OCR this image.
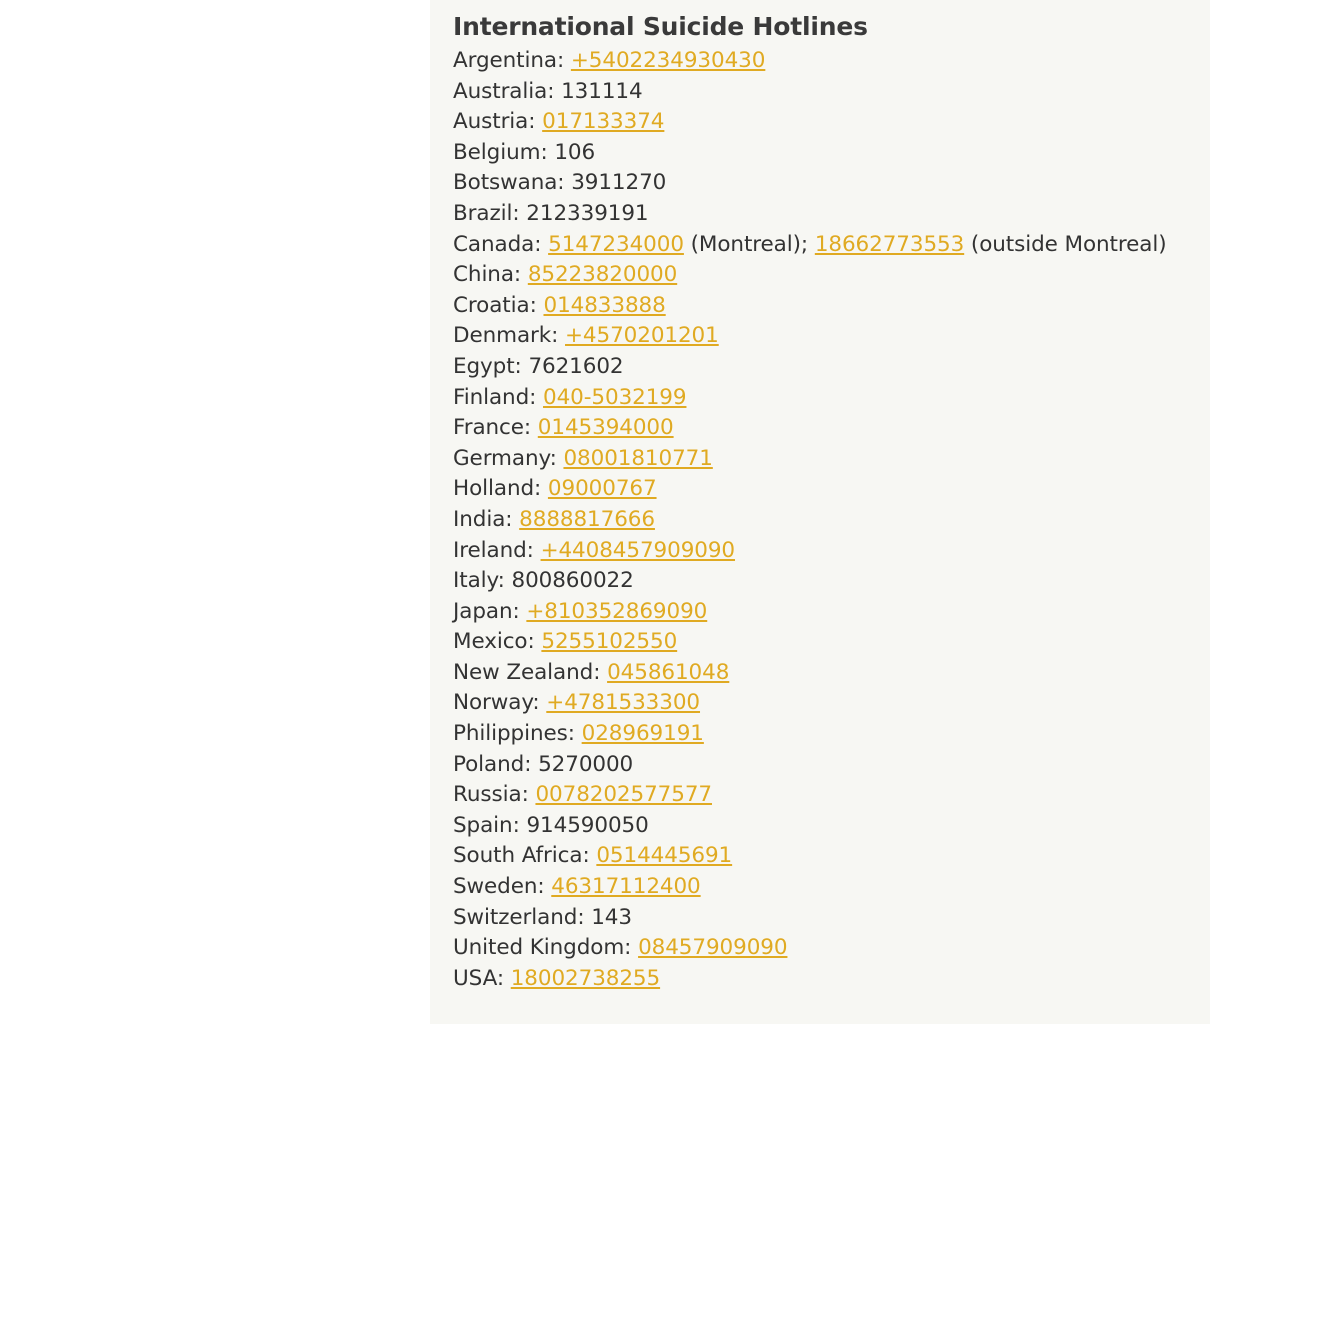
International Suicide Hotlines
Argentina: +5402234930430
Australia: 131114
Austria: 017133374
Belgium: 106
Botswana: 3911270
Brazil: 212339191
Canada: 5147234000 (Montreal); 18662773553 (outside Montreal)
China: 85223820000
Croatia: 014833888
Denmark: +4570201201
Egypt: 7621602
Finland: 040-5032199
France: 0145394000
Germany: 08001810771
Holland: 09000767
India: 8888817666
Ireland: +4408457909090
Italy: 800860022
Japan: +810352869090
Mexico: 5255102550
New Zealand: 045861048
Norway: +4781533300
Philippines: 028969191
Poland: 5270000
Russia: 0078202577577
Spain: 914590050
South Africa: 0514445691
Sweden: 46317112400
Switzerland: 143
United Kingdom: 08457909090
USA: 18002738255
